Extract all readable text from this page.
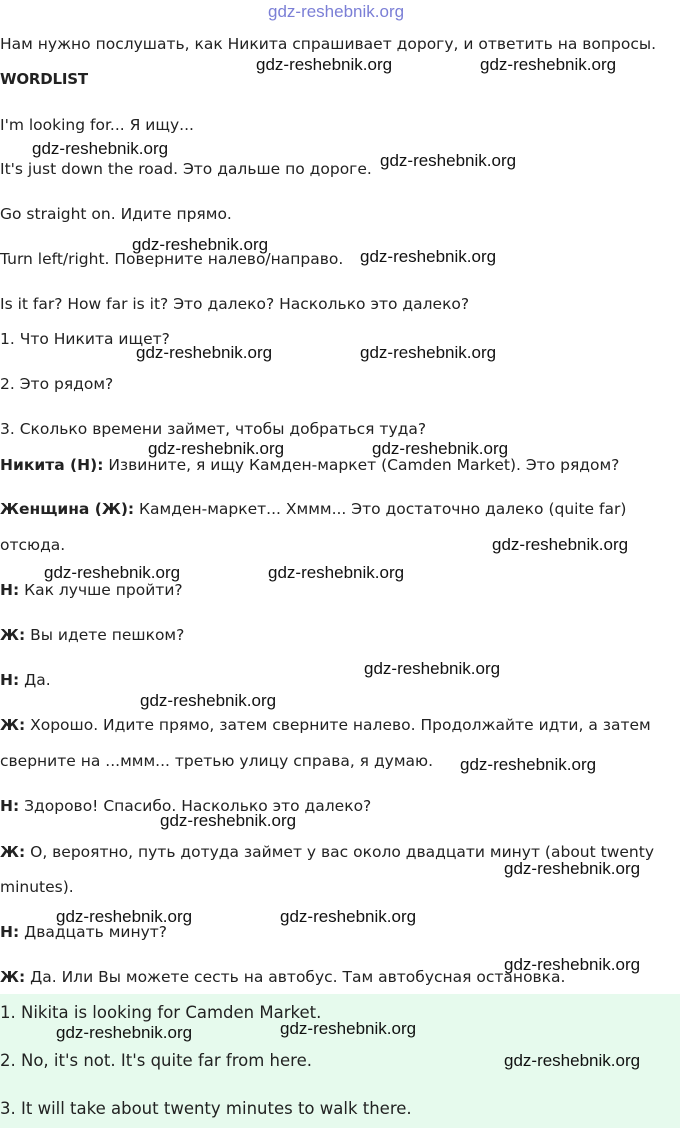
gdz-reshebnik.org
Нам нужно послушать, как Никита спрашивает дорогу, и ответить на вопросы.
WORDLIST
I'm looking for... Я ищу...
It's just down the road. Это дальше по дороге.
Go straight on. Идите прямо.
Turn left/right. Поверните налево/направо.
Is it far? How far is it? Это далеко? Насколько это далеко?
1. Что Никита ищет?
2. Это рядом?
3. Сколько времени займет, чтобы добраться туда?
Никита (Н): Извините, я ищу Камден-маркет (Camden Market). Это рядом?
Женщина (Ж): Камден-маркет... Хммм... Это достаточно далеко (quite far)
отсюда.
Н: Как лучше пройти?
Ж: Вы идете пешком?
Н: Да.
Ж: Хорошо. Идите прямо, затем сверните налево. Продолжайте идти, а затем
сверните на ...ммм... третью улицу справа, я думаю.
Н: Здорово! Спасибо. Насколько это далеко?
Ж: О, вероятно, путь дотуда займет у вас около двадцати минут (about twenty
minutes).
Н: Двадцать минут?
Ж: Да. Или Вы можете сесть на автобус. Там автобусная остановка.
1. Nikita is looking for Camden Market.
2. No, it's not. It's quite far from here.
3. It will take about twenty minutes to walk there.
gdz-reshebnik.org	gdz-reshebnik.org
gdz-reshebnik.org
gdz-reshebnik.org
gdz-reshebnik.org
gdz-reshebnik.org
gdz-reshebnik.org	gdz-reshebnik.org
gdz-reshebnik.org	gdz-reshebnik.org
gdz-reshebnik.org
gdz-reshebnik.org	gdz-reshebnik.org
gdz-reshebnik.org
gdz-reshebnik.org
gdz-reshebnik.org
gdz-reshebnik.org
gdz-reshebnik.org
gdz-reshebnik.org	gdz-reshebnik.org
gdz-reshebnik.org
gdz-reshebnik.org
gdz-reshebnik.org
gdz-reshebnik.org
